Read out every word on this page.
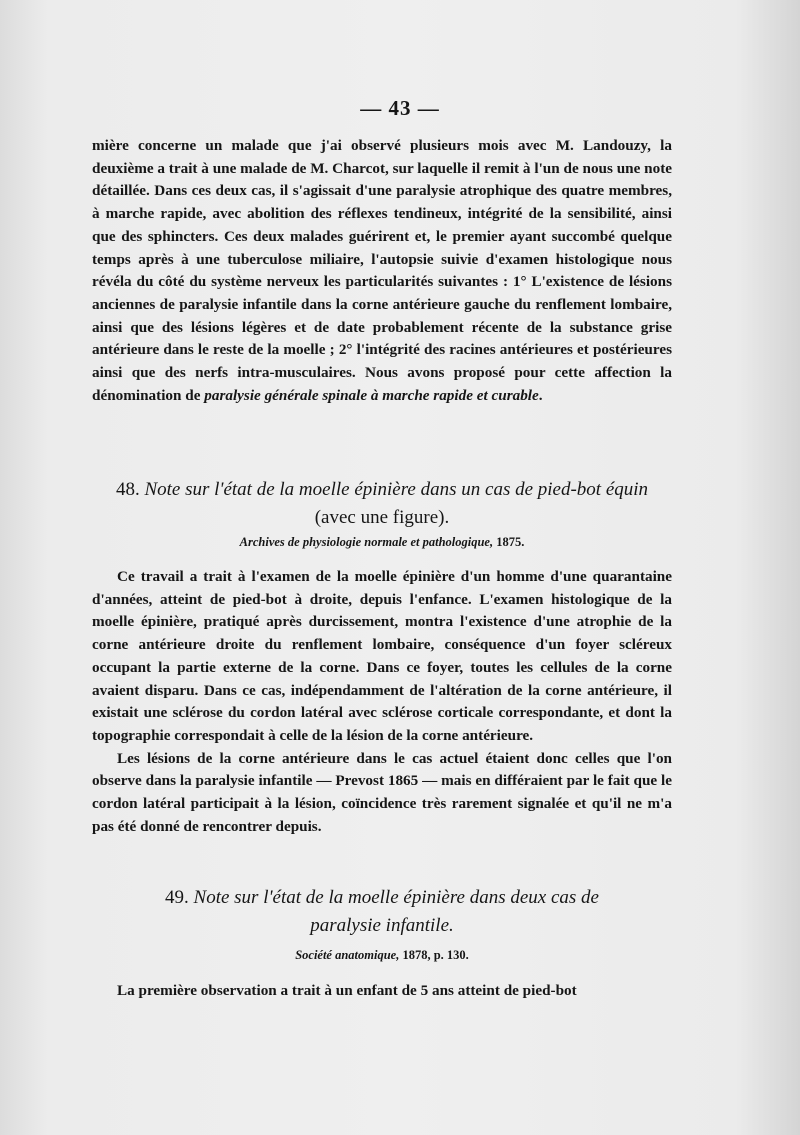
— 43 —

mière concerne un malade que j'ai observé plusieurs mois avec M. Landouzy, la deuxième a trait à une malade de M. Charcot, sur laquelle il remit à l'un de nous une note détaillée. Dans ces deux cas, il s'agissait d'une paralysie atrophique des quatre membres, à marche rapide, avec abolition des réflexes tendineux, intégrité de la sensibilité, ainsi que des sphincters. Ces deux malades guérirent et, le premier ayant succombé quelque temps après à une tuberculose miliaire, l'autopsie suivie d'examen histologique nous révéla du côté du système nerveux les particularités suivantes : 1° L'existence de lésions anciennes de paralysie infantile dans la corne antérieure gauche du renflement lombaire, ainsi que des lésions légères et de date probablement récente de la substance grise antérieure dans le reste de la moelle ; 2° l'intégrité des racines antérieures et postérieures ainsi que des nerfs intra-musculaires. Nous avons proposé pour cette affection la dénomination de paralysie générale spinale à marche rapide et curable.

48. Note sur l'état de la moelle épinière dans un cas de pied-bot équin
(avec une figure).
Archives de physiologie normale et pathologique, 1875.

Ce travail a trait à l'examen de la moelle épinière d'un homme d'une quarantaine d'années, atteint de pied-bot à droite, depuis l'enfance. L'examen histologique de la moelle épinière, pratiqué après durcissement, montra l'existence d'une atrophie de la corne antérieure droite du renflement lombaire, conséquence d'un foyer scléreux occupant la partie externe de la corne. Dans ce foyer, toutes les cellules de la corne avaient disparu. Dans ce cas, indépendamment de l'altération de la corne antérieure, il existait une sclérose du cordon latéral avec sclérose corticale correspondante, et dont la topographie correspondait à celle de la lésion de la corne antérieure.

Les lésions de la corne antérieure dans le cas actuel étaient donc celles que l'on observe dans la paralysie infantile — Prevost 1865 — mais en différaient par le fait que le cordon latéral participait à la lésion, coïncidence très rarement signalée et qu'il ne m'a pas été donné de rencontrer depuis.

49. Note sur l'état de la moelle épinière dans deux cas de
paralysie infantile.
Société anatomique, 1878, p. 130.

La première observation a trait à un enfant de 5 ans atteint de pied-bot
